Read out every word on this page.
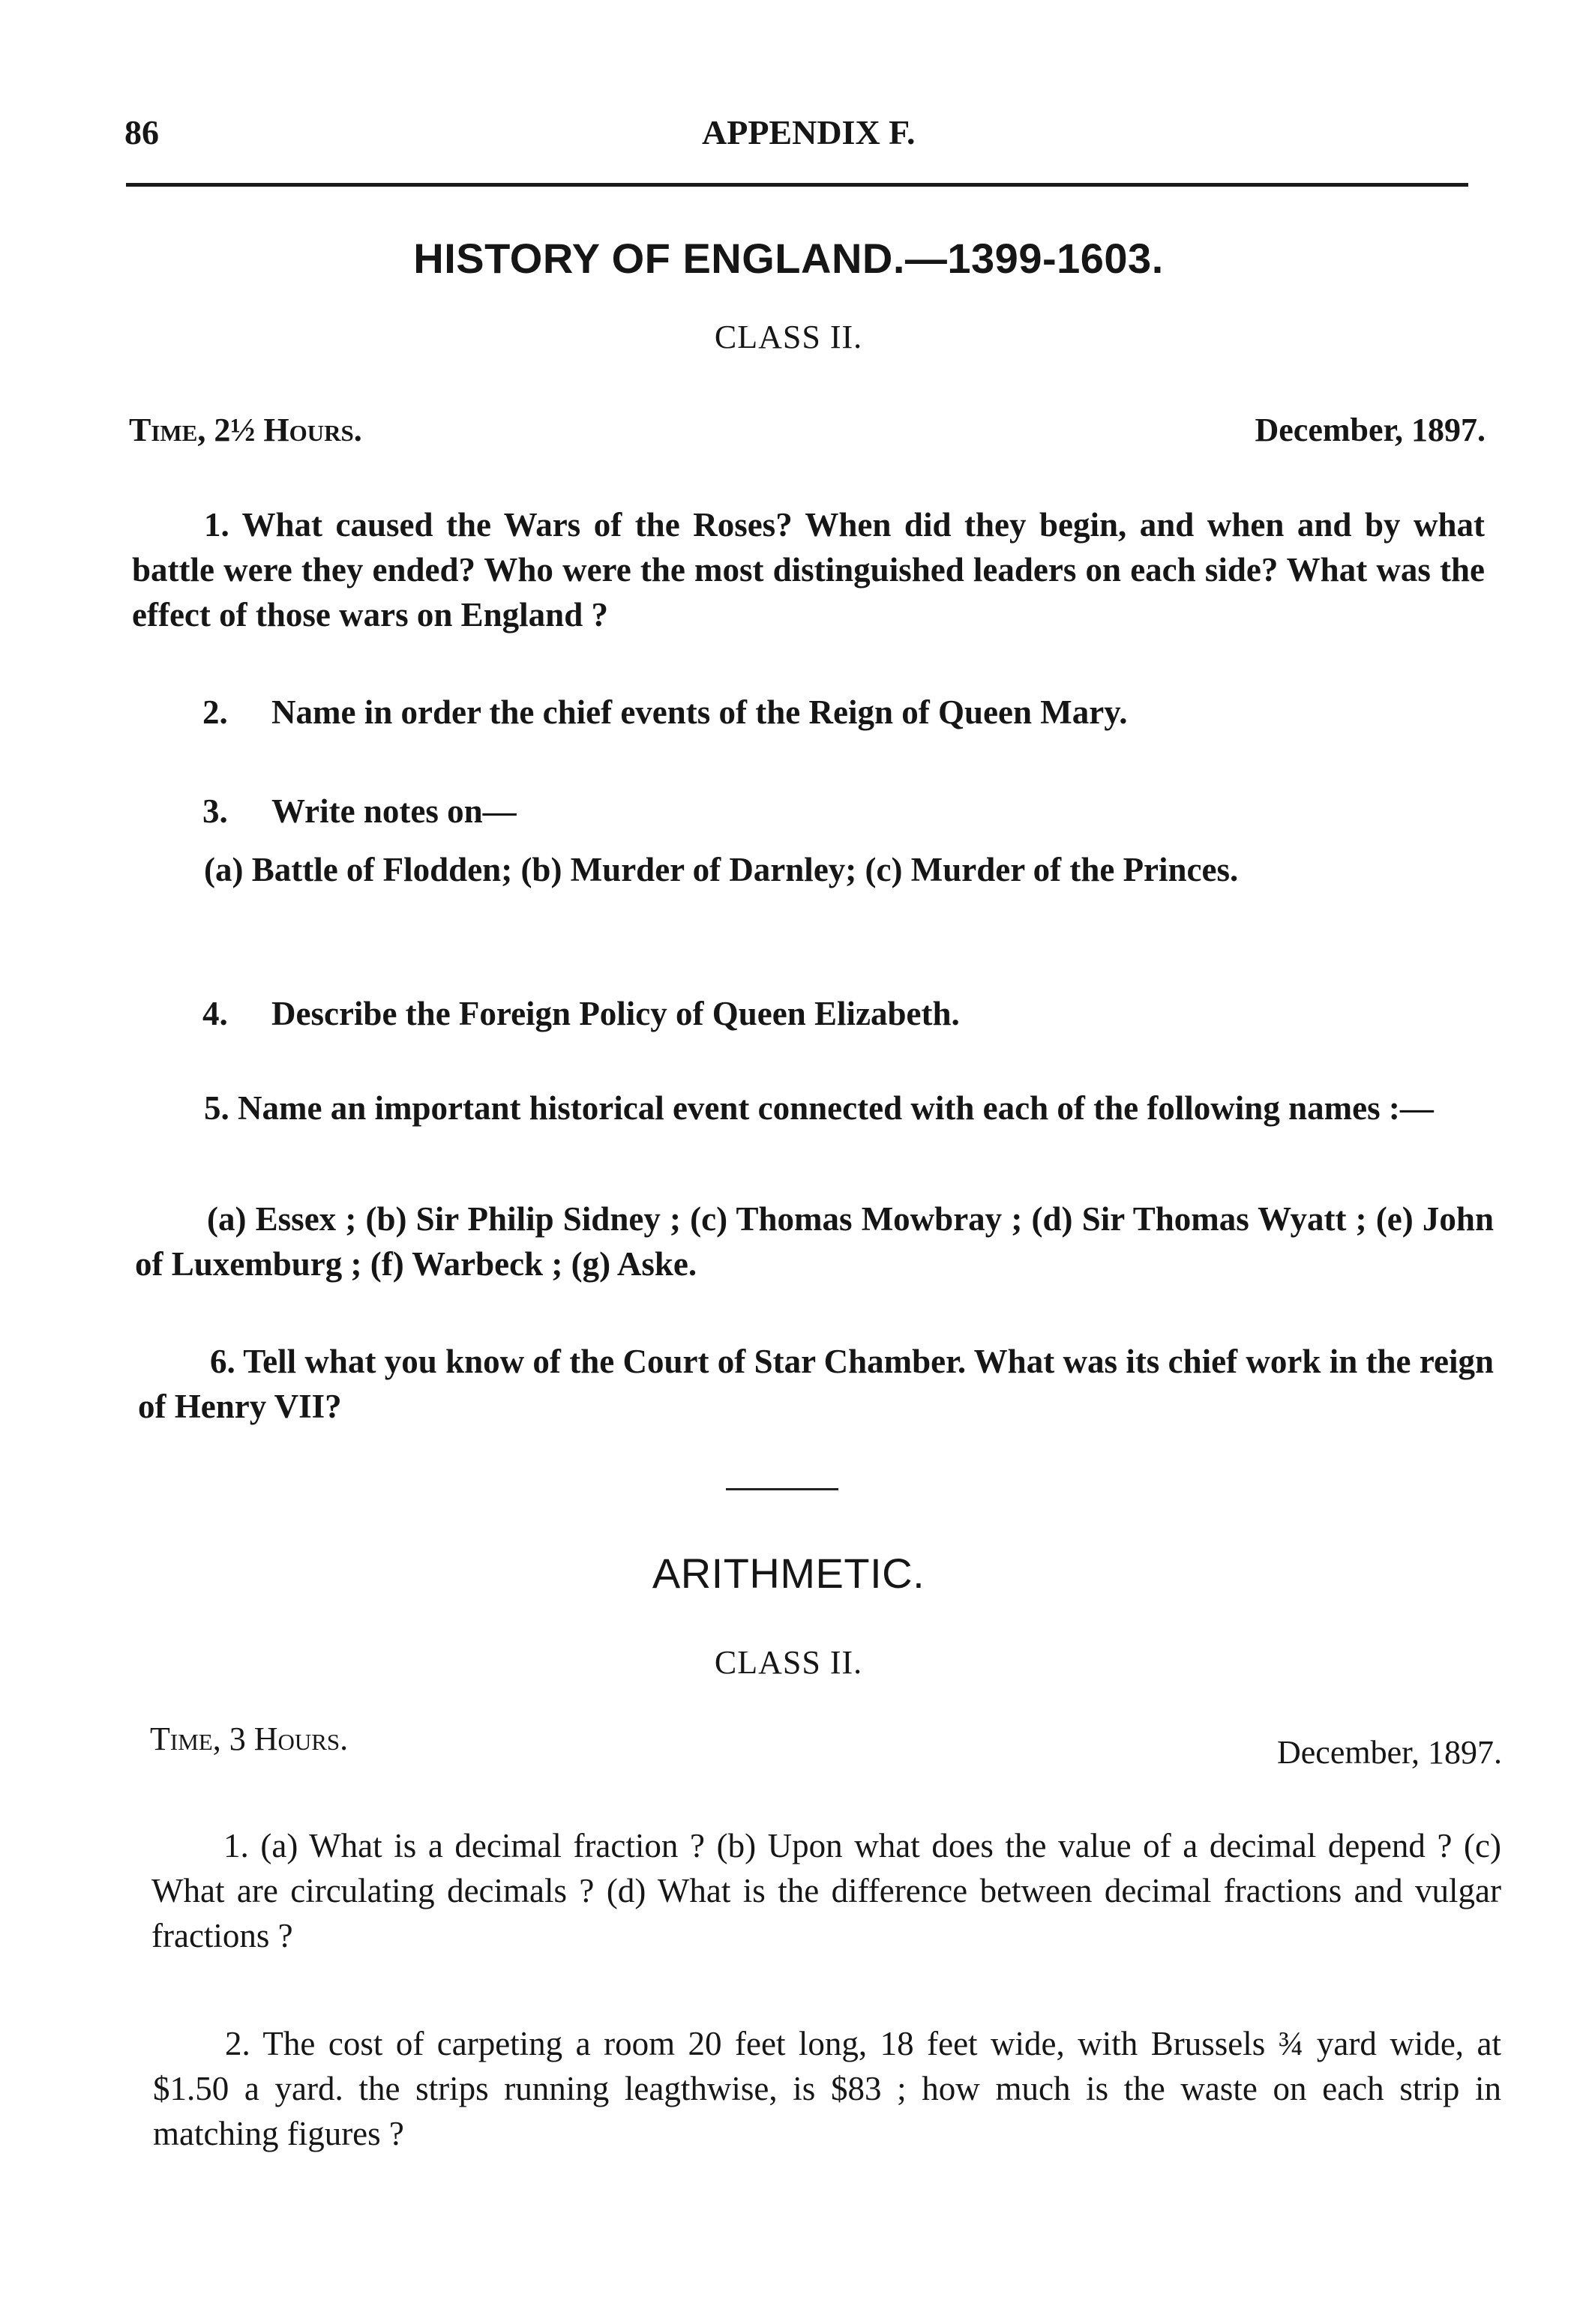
86	APPENDIX F.
HISTORY OF ENGLAND.—1399-1603.
CLASS II.
Time, 2½ Hours.	December, 1897.
1. What caused the Wars of the Roses? When did they begin, and when and by what battle were they ended? Who were the most distinguished leaders on each side? What was the effect of those wars on England ?
2. Name in order the chief events of the Reign of Queen Mary.
3. Write notes on—
(a) Battle of Flodden; (b) Murder of Darnley; (c) Murder of the Princes.
4. Describe the Foreign Policy of Queen Elizabeth.
5. Name an important historical event connected with each of the following names :—
(a) Essex ; (b) Sir Philip Sidney ; (c) Thomas Mowbray ; (d) Sir Thomas Wyatt ; (e) John of Luxemburg ; (f) Warbeck ; (g) Aske.
6. Tell what you know of the Court of Star Chamber. What was its chief work in the reign of Henry VII?
ARITHMETIC.
CLASS II.
Time, 3 Hours.	December, 1897.
1. (a) What is a decimal fraction ? (b) Upon what does the value of a decimal depend ? (c) What are circulating decimals ? (d) What is the difference between decimal fractions and vulgar fractions ?
2. The cost of carpeting a room 20 feet long, 18 feet wide, with Brussels ¾ yard wide, at $1.50 a yard. the strips running leagthwise, is $83 ; how much is the waste on each strip in matching figures ?
